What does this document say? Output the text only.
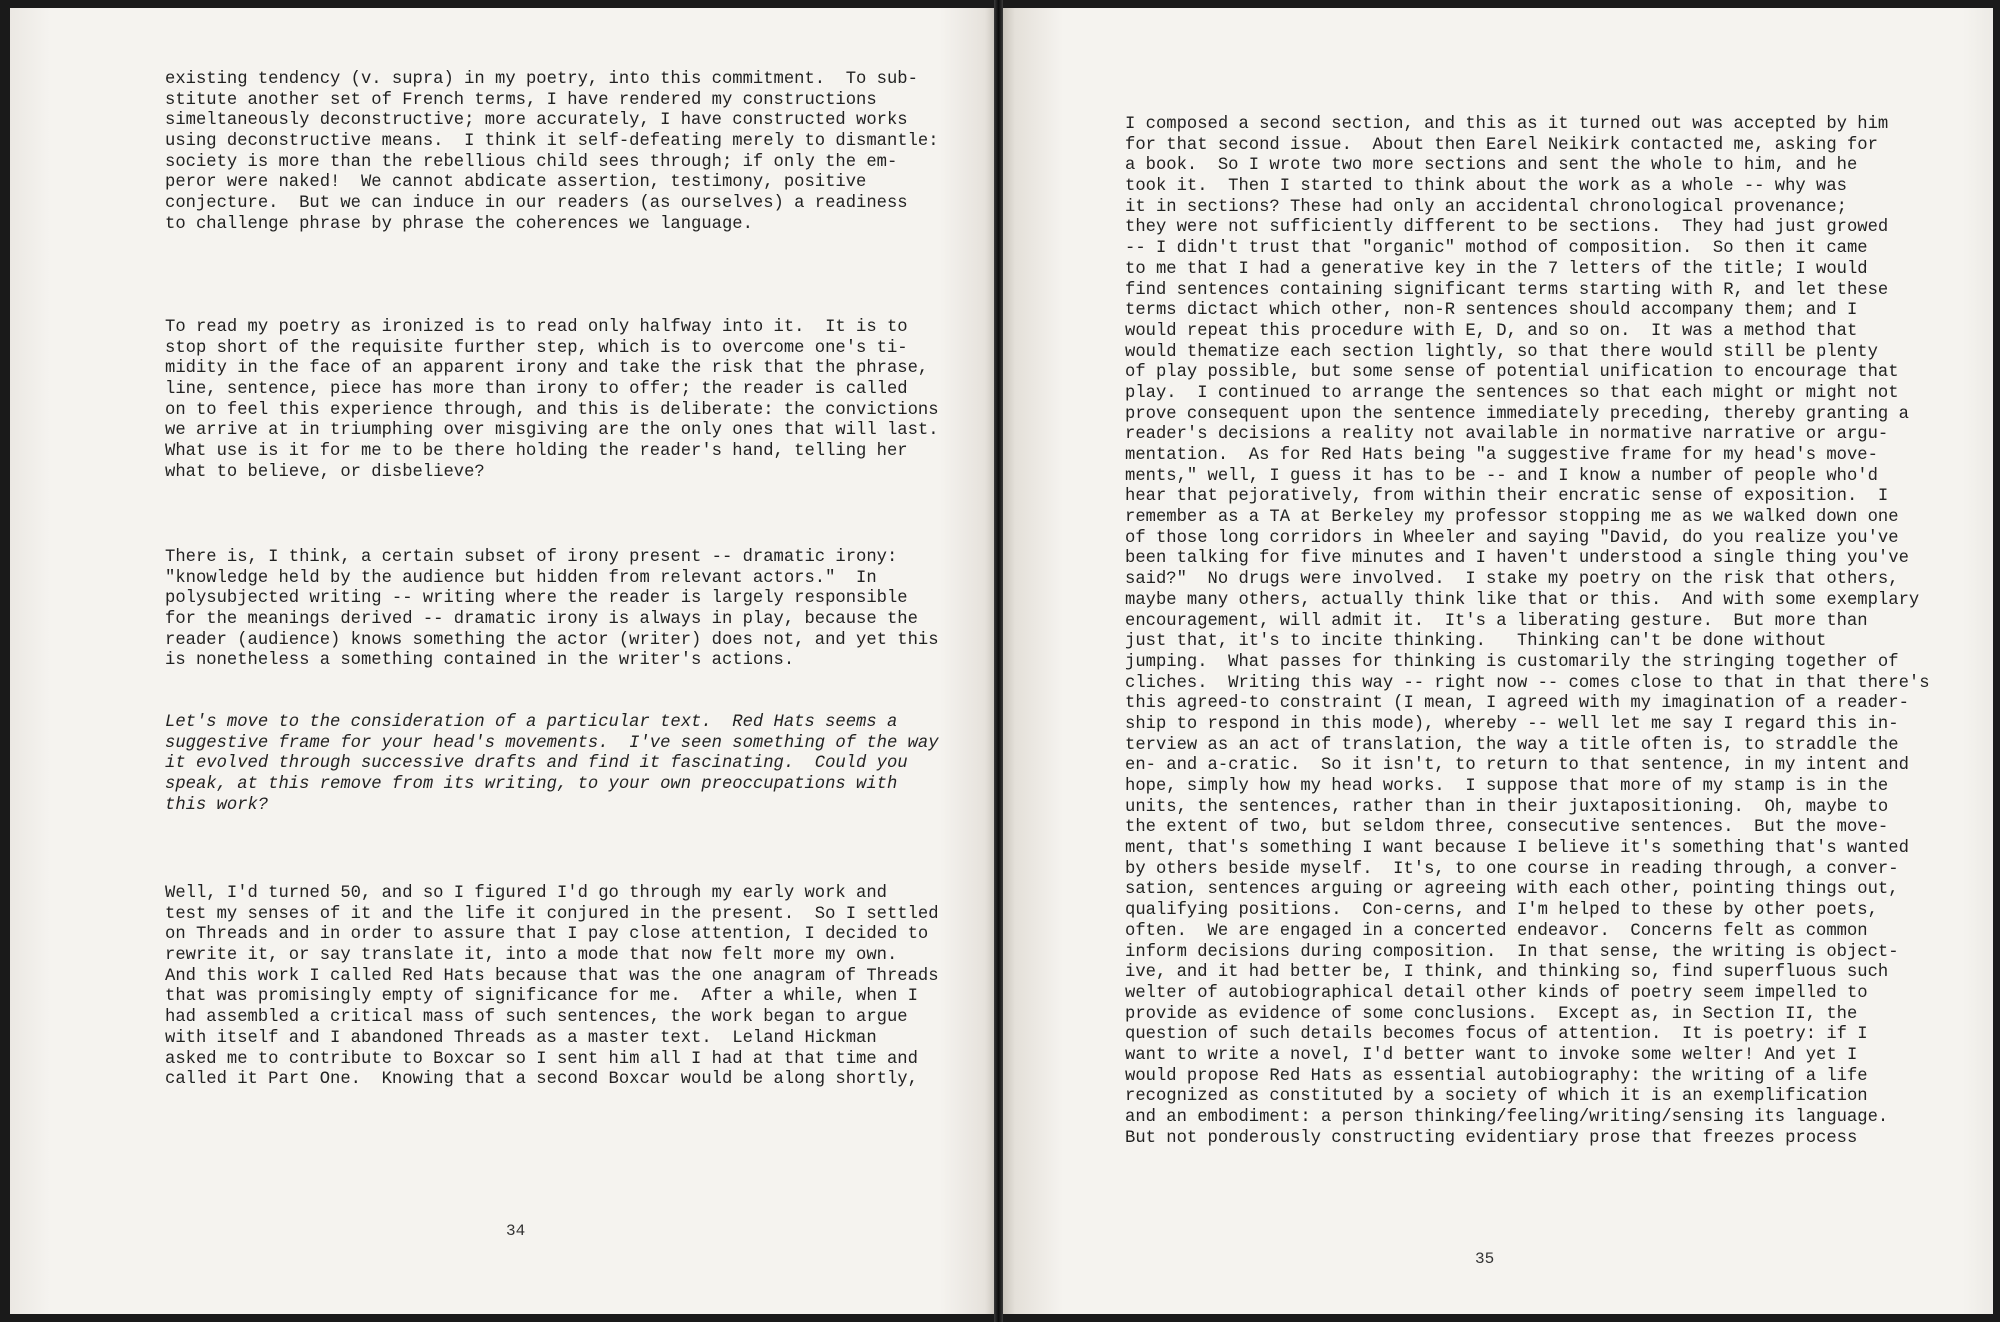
existing tendency (v. supra) in my poetry, into this commitment.  To sub-
stitute another set of French terms, I have rendered my constructions
simeltaneously deconstructive; more accurately, I have constructed works
using deconstructive means.  I think it self-defeating merely to dismantle:
society is more than the rebellious child sees through; if only the em-
peror were naked!  We cannot abdicate assertion, testimony, positive
conjecture.  But we can induce in our readers (as ourselves) a readiness
to challenge phrase by phrase the coherences we language.
To read my poetry as ironized is to read only halfway into it.  It is to
stop short of the requisite further step, which is to overcome one's ti-
midity in the face of an apparent irony and take the risk that the phrase,
line, sentence, piece has more than irony to offer; the reader is called
on to feel this experience through, and this is deliberate: the convictions
we arrive at in triumphing over misgiving are the only ones that will last.
What use is it for me to be there holding the reader's hand, telling her
what to believe, or disbelieve?
There is, I think, a certain subset of irony present -- dramatic irony:
"knowledge held by the audience but hidden from relevant actors."  In
polysubjected writing -- writing where the reader is largely responsible
for the meanings derived -- dramatic irony is always in play, because the
reader (audience) knows something the actor (writer) does not, and yet this
is nonetheless a something contained in the writer's actions.
Let's move to the consideration of a particular text.  Red Hats seems a
suggestive frame for your head's movements.  I've seen something of the way
it evolved through successive drafts and find it fascinating.  Could you
speak, at this remove from its writing, to your own preoccupations with
this work?
Well, I'd turned 50, and so I figured I'd go through my early work and
test my senses of it and the life it conjured in the present.  So I settled
on Threads and in order to assure that I pay close attention, I decided to
rewrite it, or say translate it, into a mode that now felt more my own.
And this work I called Red Hats because that was the one anagram of Threads
that was promisingly empty of significance for me.  After a while, when I
had assembled a critical mass of such sentences, the work began to argue
with itself and I abandoned Threads as a master text.  Leland Hickman
asked me to contribute to Boxcar so I sent him all I had at that time and
called it Part One.  Knowing that a second Boxcar would be along shortly,
34
I composed a second section, and this as it turned out was accepted by him
for that second issue.  About then Earel Neikirk contacted me, asking for
a book.  So I wrote two more sections and sent the whole to him, and he
took it.  Then I started to think about the work as a whole -- why was
it in sections? These had only an accidental chronological provenance;
they were not sufficiently different to be sections.  They had just growed
-- I didn't trust that "organic" mothod of composition.  So then it came
to me that I had a generative key in the 7 letters of the title; I would
find sentences containing significant terms starting with R, and let these
terms dictact which other, non-R sentences should accompany them; and I
would repeat this procedure with E, D, and so on.  It was a method that
would thematize each section lightly, so that there would still be plenty
of play possible, but some sense of potential unification to encourage that
play.  I continued to arrange the sentences so that each might or might not
prove consequent upon the sentence immediately preceding, thereby granting a
reader's decisions a reality not available in normative narrative or argu-
mentation.  As for Red Hats being "a suggestive frame for my head's move-
ments," well, I guess it has to be -- and I know a number of people who'd
hear that pejoratively, from within their encratic sense of exposition.  I
remember as a TA at Berkeley my professor stopping me as we walked down one
of those long corridors in Wheeler and saying "David, do you realize you've
been talking for five minutes and I haven't understood a single thing you've
said?"  No drugs were involved.  I stake my poetry on the risk that others,
maybe many others, actually think like that or this.  And with some exemplary
encouragement, will admit it.  It's a liberating gesture.  But more than
just that, it's to incite thinking.   Thinking can't be done without
jumping.  What passes for thinking is customarily the stringing together of
cliches.  Writing this way -- right now -- comes close to that in that there's
this agreed-to constraint (I mean, I agreed with my imagination of a reader-
ship to respond in this mode), whereby -- well let me say I regard this in-
terview as an act of translation, the way a title often is, to straddle the
en- and a-cratic.  So it isn't, to return to that sentence, in my intent and
hope, simply how my head works.  I suppose that more of my stamp is in the
units, the sentences, rather than in their juxtapositioning.  Oh, maybe to
the extent of two, but seldom three, consecutive sentences.  But the move-
ment, that's something I want because I believe it's something that's wanted
by others beside myself.  It's, to one course in reading through, a conver-
sation, sentences arguing or agreeing with each other, pointing things out,
qualifying positions.  Con-cerns, and I'm helped to these by other poets,
often.  We are engaged in a concerted endeavor.  Concerns felt as common
inform decisions during composition.  In that sense, the writing is object-
ive, and it had better be, I think, and thinking so, find superfluous such
welter of autobiographical detail other kinds of poetry seem impelled to
provide as evidence of some conclusions.  Except as, in Section II, the
question of such details becomes focus of attention.  It is poetry: if I
want to write a novel, I'd better want to invoke some welter! And yet I
would propose Red Hats as essential autobiography: the writing of a life
recognized as constituted by a society of which it is an exemplification
and an embodiment: a person thinking/feeling/writing/sensing its language.
But not ponderously constructing evidentiary prose that freezes process
35
